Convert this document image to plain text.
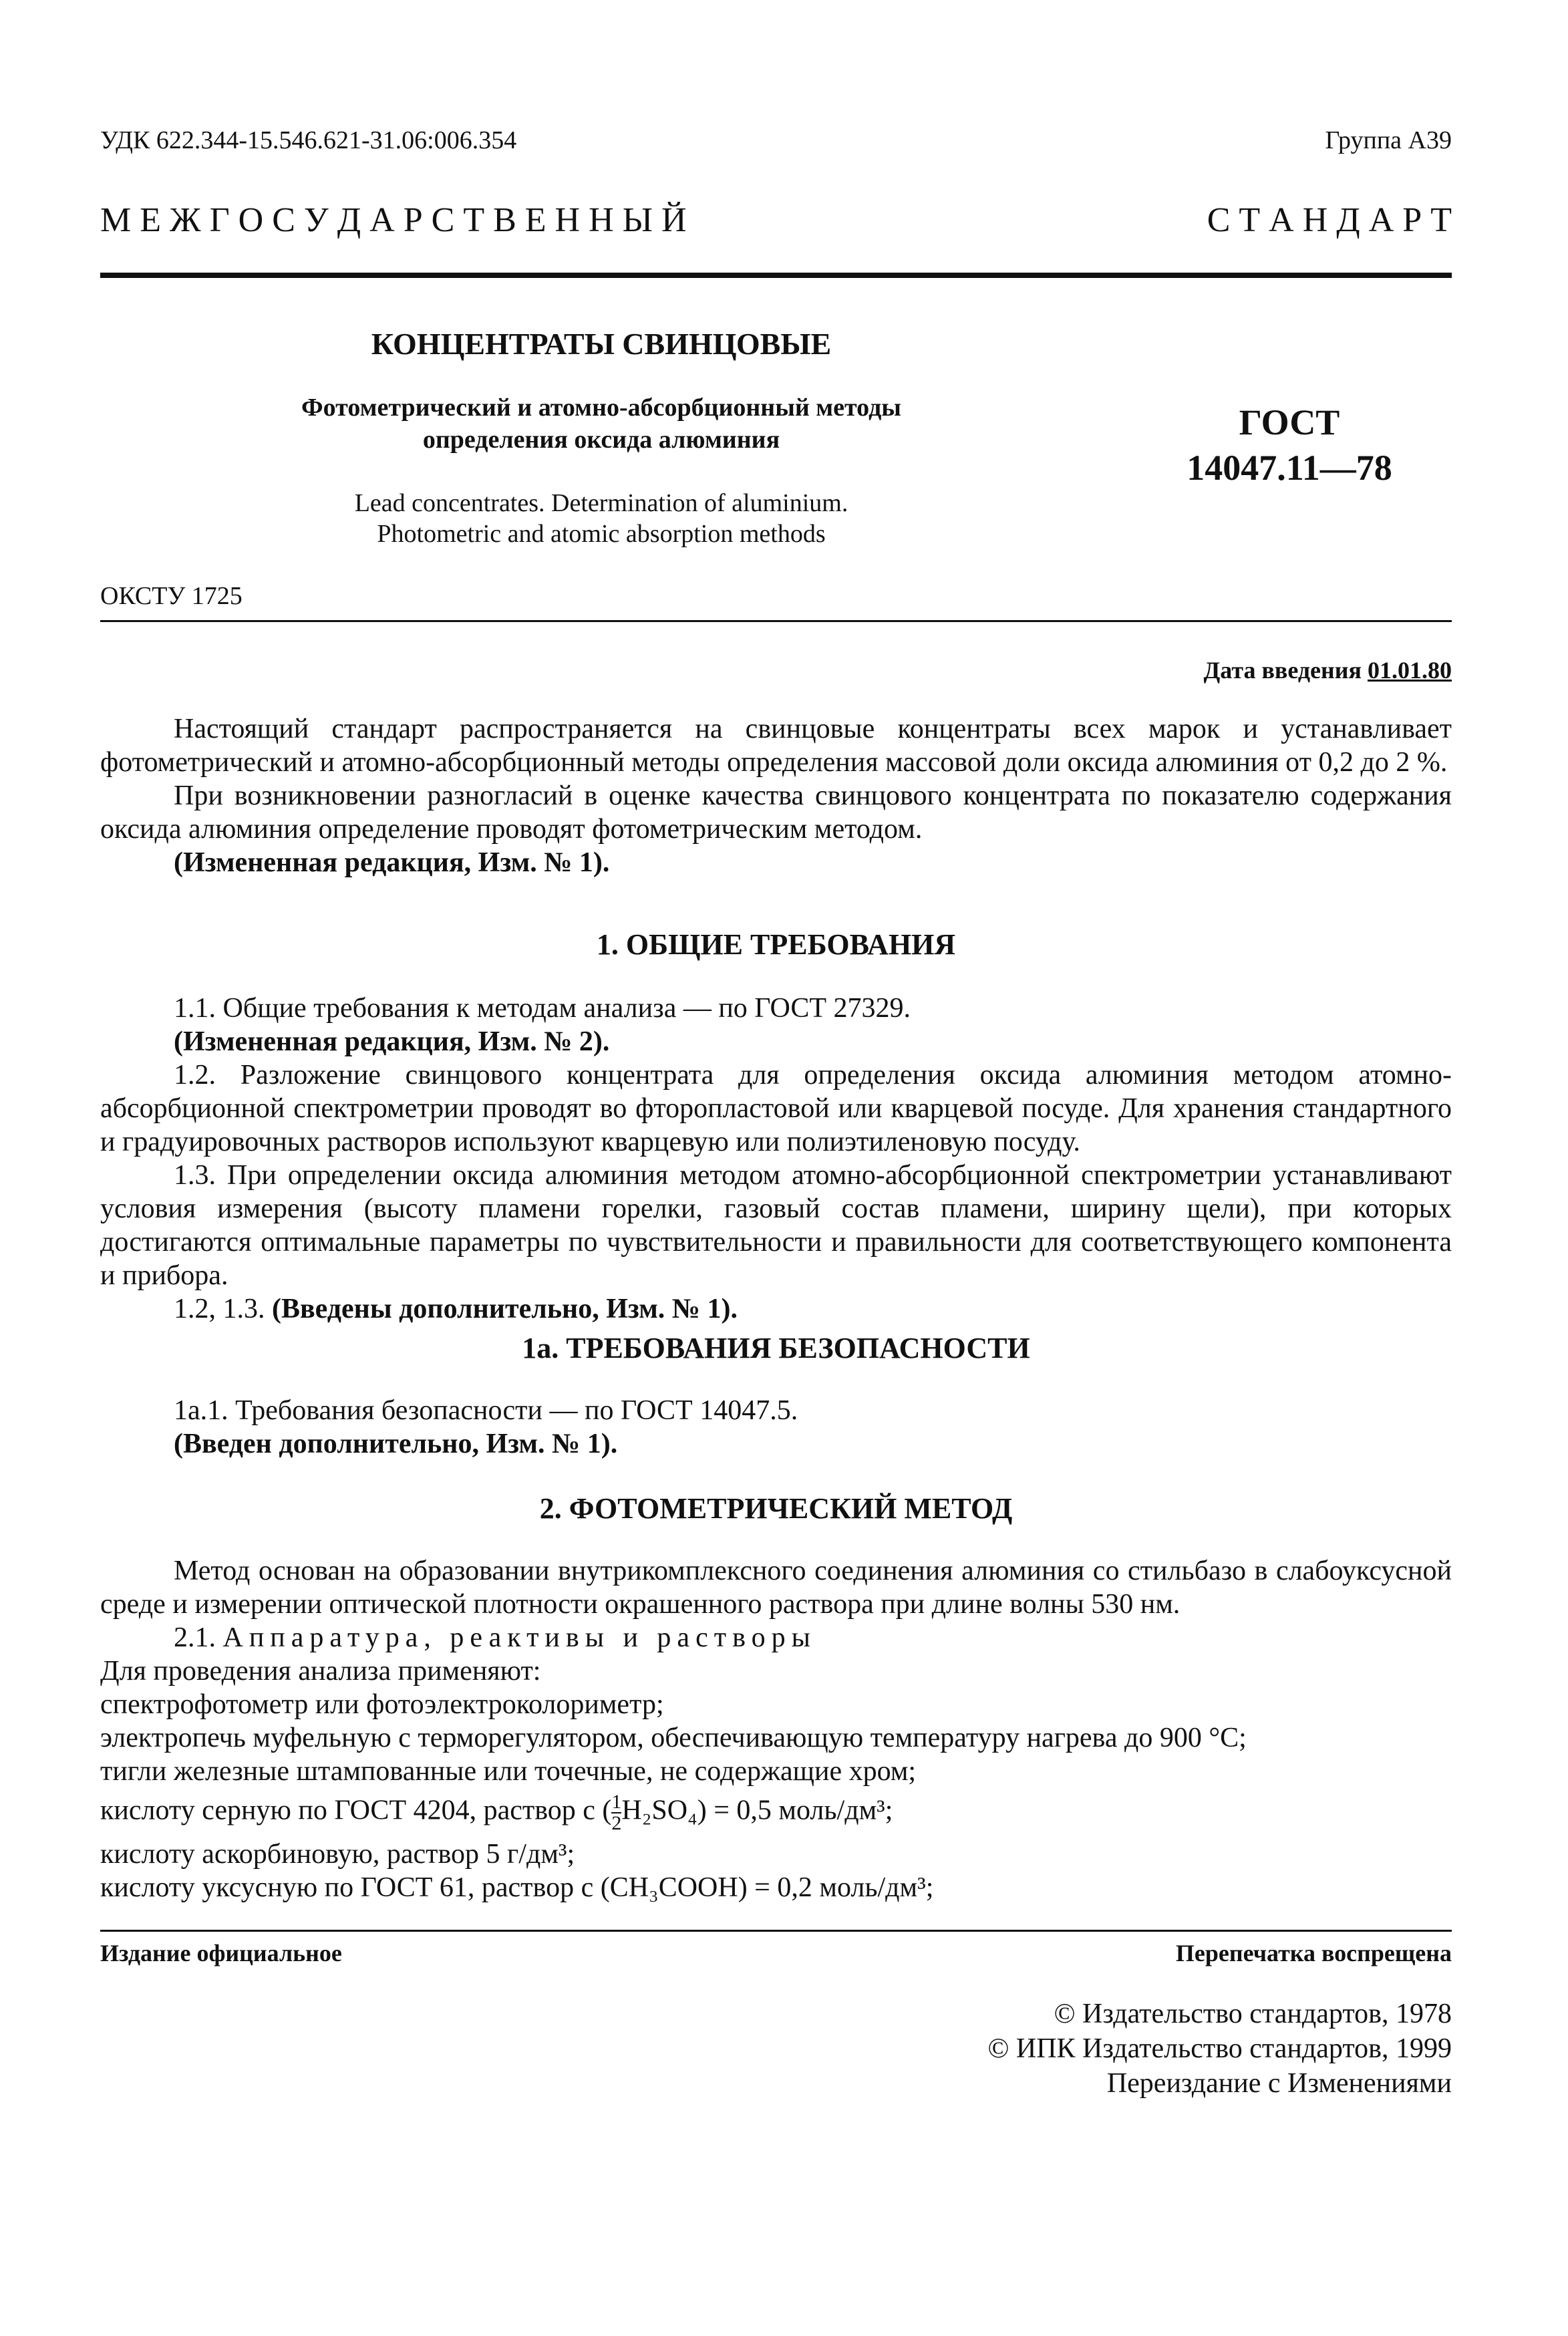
УДК 622.344-15.546.621-31.06:006.354	Группа А39
М Е Ж Г О С У Д А Р С Т В Е Н Н Ы Й	С Т А Н Д А Р Т
КОНЦЕНТРАТЫ СВИНЦОВЫЕ
Фотометрический и атомно-абсорбционный методы
определения оксида алюминия
Lead concentrates. Determination of aluminium.
Photometric and atomic absorption methods
ГОСТ
14047.11—78
ОКСТУ 1725
Дата введения 01.01.80

Настоящий стандарт распространяется на свинцовые концентраты всех марок и устанавливает фотометрический и атомно-абсорбционный методы определения массовой доли оксида алюминия от 0,2 до 2 %.

При возникновении разногласий в оценке качества свинцового концентрата по показателю содержания оксида алюминия определение проводят фотометрическим методом.

(Измененная редакция, Изм. № 1).

1. ОБЩИЕ ТРЕБОВАНИЯ

1.1. Общие требования к методам анализа — по ГОСТ 27329.

(Измененная редакция, Изм. № 2).

1.2. Разложение свинцового концентрата для определения оксида алюминия методом атомно-абсорбционной спектрометрии проводят во фторопластовой или кварцевой посуде. Для хранения стандартного и градуировочных растворов используют кварцевую или полиэтиленовую посуду.

1.3. При определении оксида алюминия методом атомно-абсорбционной спектрометрии устанавливают условия измерения (высоту пламени горелки, газовый состав пламени, ширину щели), при которых достигаются оптимальные параметры по чувствительности и правильности для соответствующего компонента и прибора.

1.2, 1.3. (Введены дополнительно, Изм. № 1).

1а. ТРЕБОВАНИЯ БЕЗОПАСНОСТИ

1а.1. Требования безопасности — по ГОСТ 14047.5.

(Введен дополнительно, Изм. № 1).

2. ФОТОМЕТРИЧЕСКИЙ МЕТОД

Метод основан на образовании внутрикомплексного соединения алюминия со стильбазо в слабоуксусной среде и измерении оптической плотности окрашенного раствора при длине волны 530 нм.

2.1. Аппаратура, реактивы и растворы

Для проведения анализа применяют:

спектрофотометр или фотоэлектроколориметр;

электропечь муфельную с терморегулятором, обеспечивающую температуру нагрева до 900 °С;

тигли железные штампованные или точечные, не содержащие хром;

кислоту серную по ГОСТ 4204, раствор с ( $\frac{1}{2} H_2SO_4) = 0,5$ моль/дм³;

кислоту аскорбиновую, раствор 5 г/дм³;

кислоту уксусную по ГОСТ 61, раствор с (CH₃COOH) = 0,2 моль/дм³;

Издание официальное	Перепечатка воспрещена
© Издательство стандартов, 1978
© ИПК Издательство стандартов, 1999
Переиздание с Изменениями
